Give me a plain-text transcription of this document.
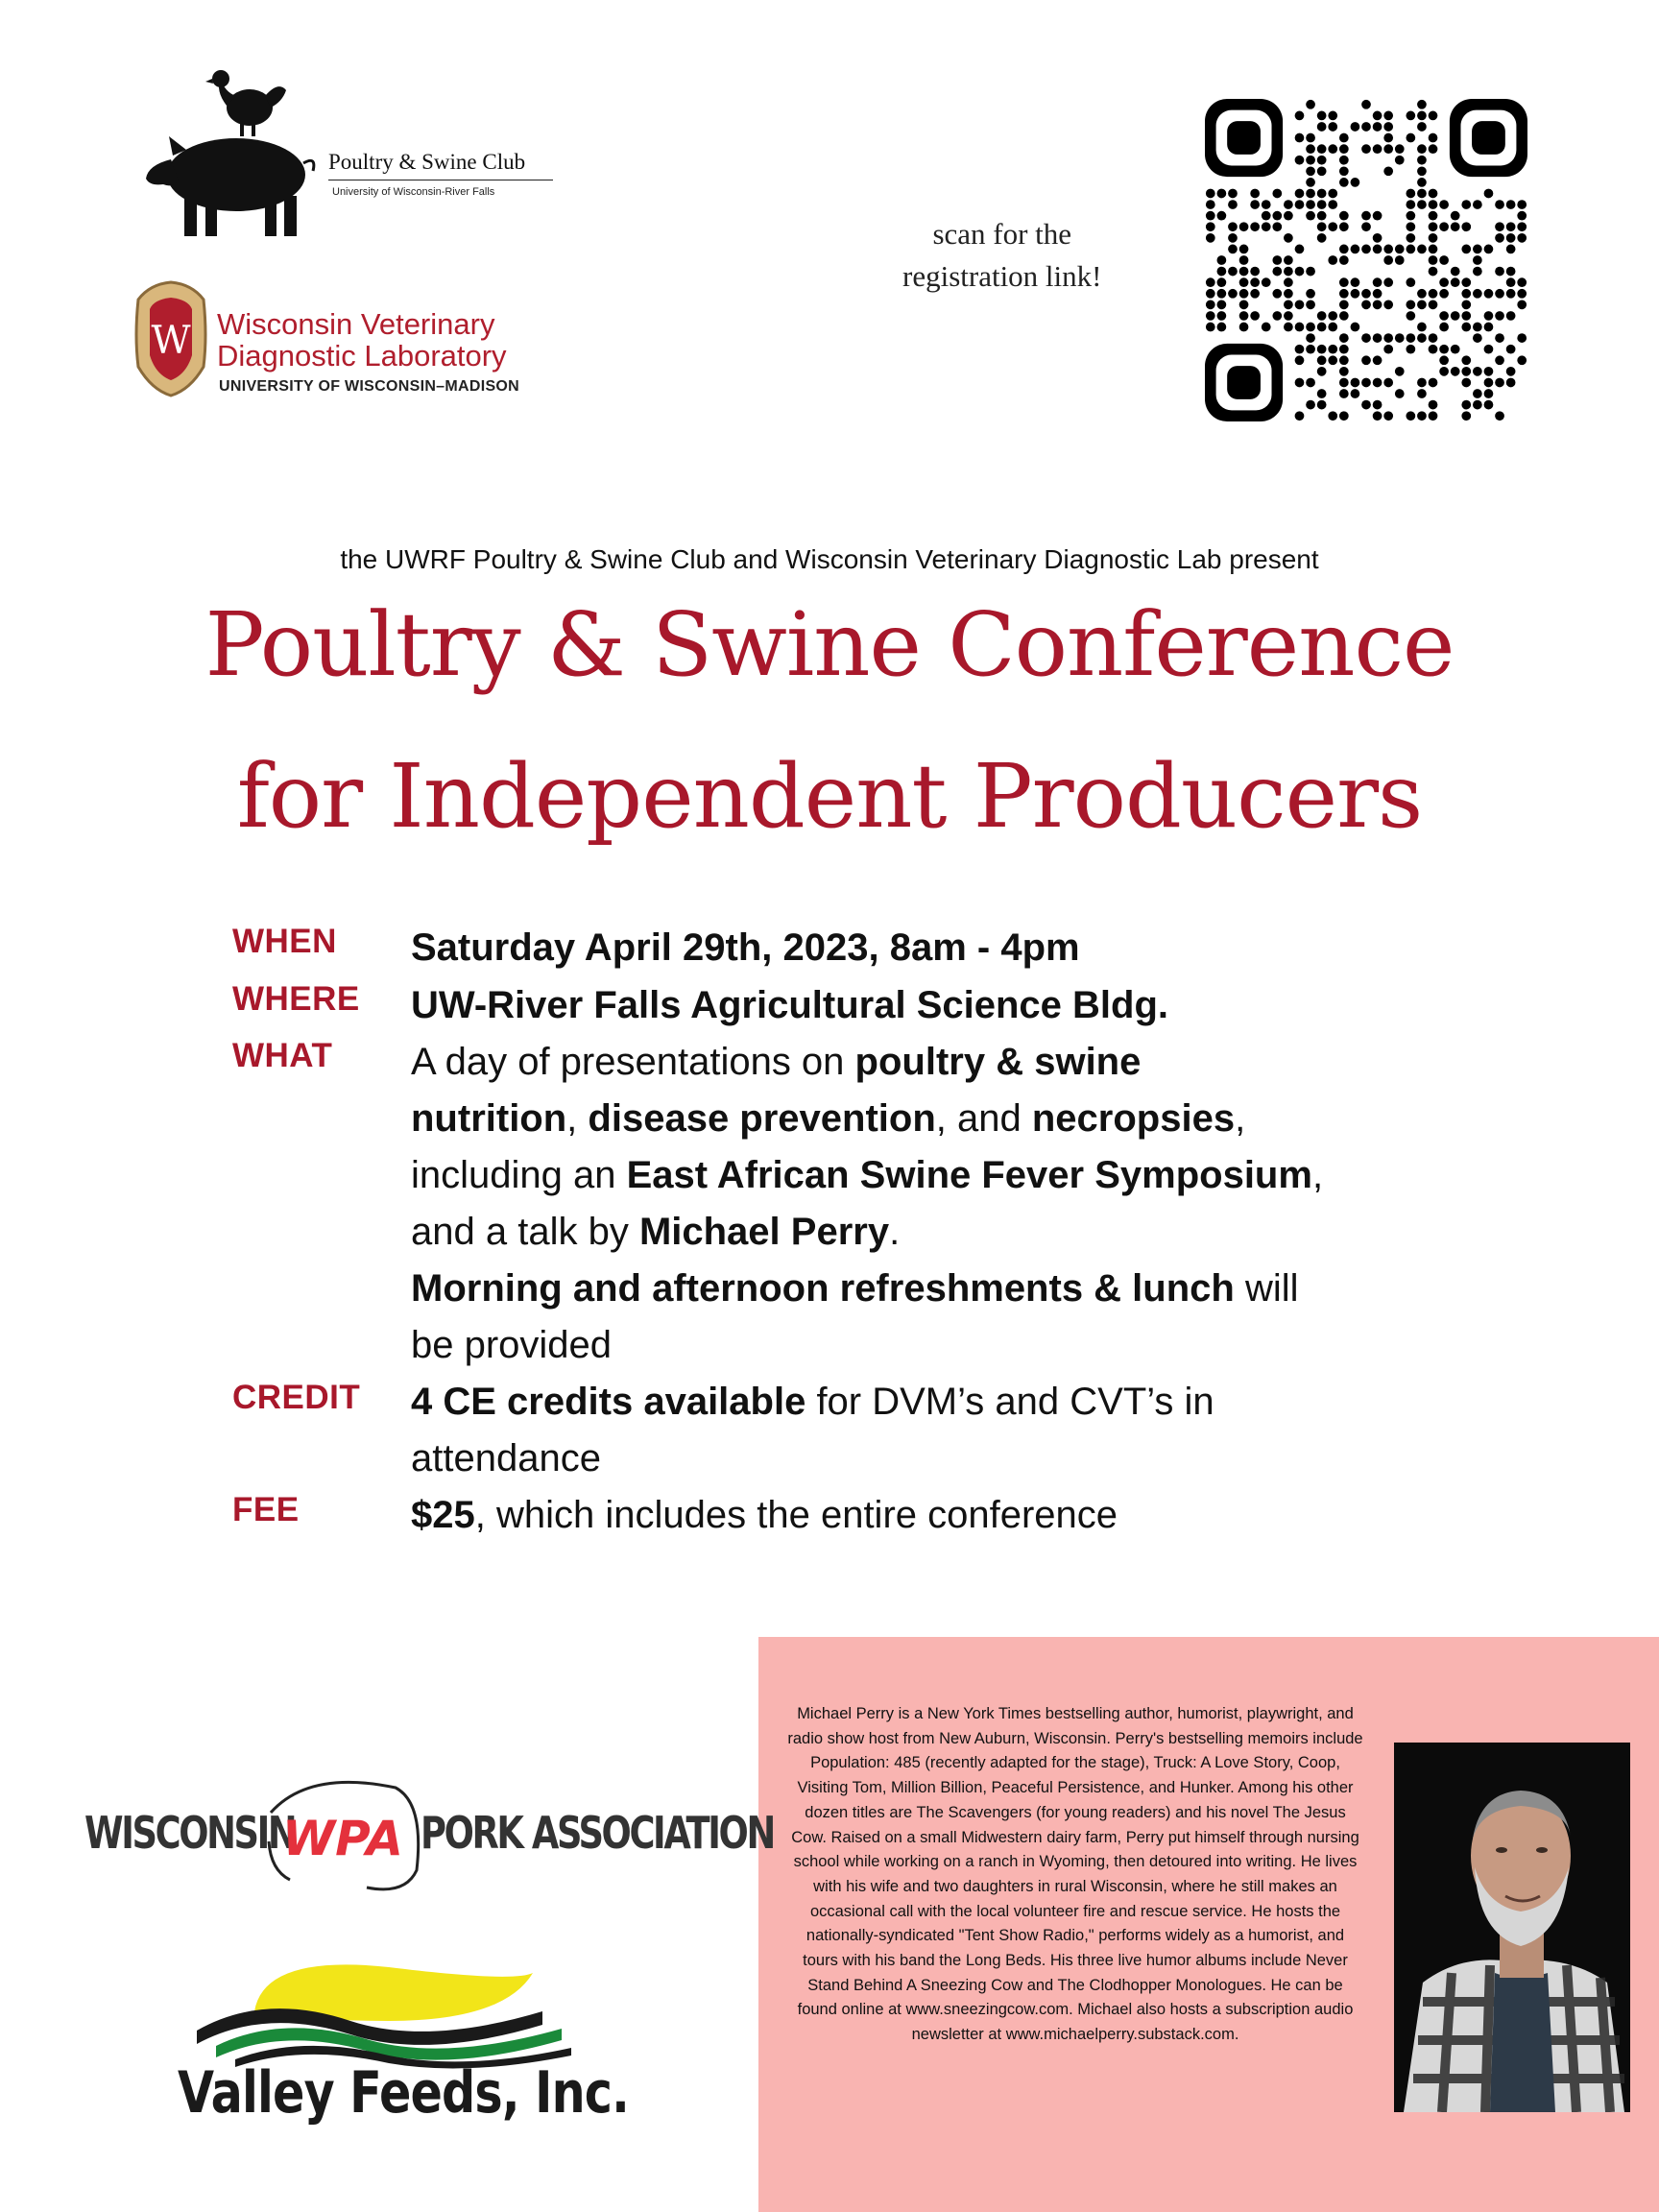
Poultry & Swine Club
University of Wisconsin-River Falls
W Wisconsin Veterinary
Diagnostic Laboratory
UNIVERSITY OF WISCONSIN–MADISON
scan for the
registration link!
the UWRF Poultry & Swine Club and Wisconsin Veterinary Diagnostic Lab present
Poultry & Swine Conference
for Independent Producers
WHEN Saturday April 29th, 2023, 8am - 4pm
WHERE UW-River Falls Agricultural Science Bldg.
WHAT A day of presentations on poultry & swine
nutrition, disease prevention, and necropsies,
including an East African Swine Fever Symposium,
and a talk by Michael Perry.
Morning and afternoon refreshments & lunch will
be provided
CREDIT 4 CE credits available for DVM’s and CVT’s in
attendance
FEE	$25, which includes the entire conference
Michael Perry is a New York Times bestselling author, humorist, playwright, and radio show host from New Auburn, Wisconsin. Perry's bestselling memoirs include Population: 485 (recently adapted for the stage), Truck: A Love Story, Coop, Visiting Tom, Million Billion, Peaceful Persistence, and Hunker. Among his other dozen titles are The Scavengers (for young readers) and his novel The Jesus Cow. Raised on a small Midwestern dairy farm, Perry put himself through nursing school while working on a ranch in Wyoming, then detoured into writing. He lives with his wife and two daughters in rural Wisconsin, where he still makes an occasional call with the local volunteer fire and rescue service. He hosts the nationally-syndicated "Tent Show Radio," performs widely as a humorist, and tours with his band the Long Beds. His three live humor albums include Never Stand Behind A Sneezing Cow and The Clodhopper Monologues. He can be found online at www.sneezingcow.com. Michael also hosts a subscription audio newsletter at www.michaelperry.substack.com.
WISCONSIN
WPA PORK ASSOCIATION
Valley Feeds, Inc.
